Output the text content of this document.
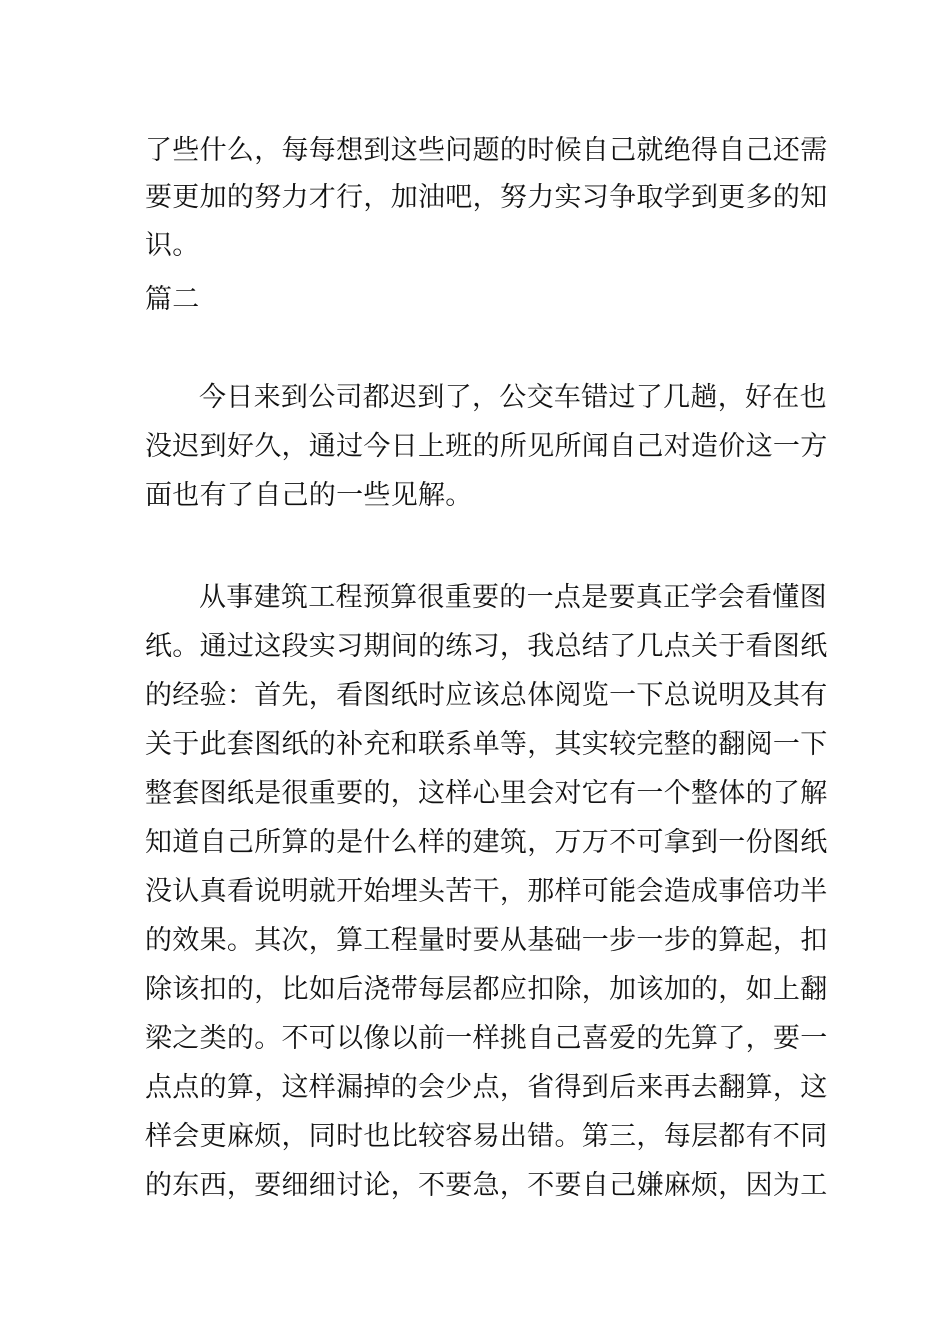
了些什么，每每想到这些问题的时候自己就绝得自己还需
要更加的努力才行，加油吧，努力实习争取学到更多的知
识。
篇二
今日来到公司都迟到了，公交车错过了几趟，好在也
没迟到好久，通过今日上班的所见所闻自己对造价这一方
面也有了自己的一些见解。
从事建筑工程预算很重要的一点是要真正学会看懂图
纸。通过这段实习期间的练习，我总结了几点关于看图纸
的经验：首先，看图纸时应该总体阅览一下总说明及其有
关于此套图纸的补充和联系单等，其实较完整的翻阅一下
整套图纸是很重要的，这样心里会对它有一个整体的了解
知道自己所算的是什么样的建筑，万万不可拿到一份图纸
没认真看说明就开始埋头苦干，那样可能会造成事倍功半
的效果。其次，算工程量时要从基础一步一步的算起，扣
除该扣的，比如后浇带每层都应扣除，加该加的，如上翻
梁之类的。不可以像以前一样挑自己喜爱的先算了，要一
点点的算，这样漏掉的会少点，省得到后来再去翻算，这
样会更麻烦，同时也比较容易出错。第三，每层都有不同
的东西，要细细讨论，不要急，不要自己嫌麻烦，因为工
